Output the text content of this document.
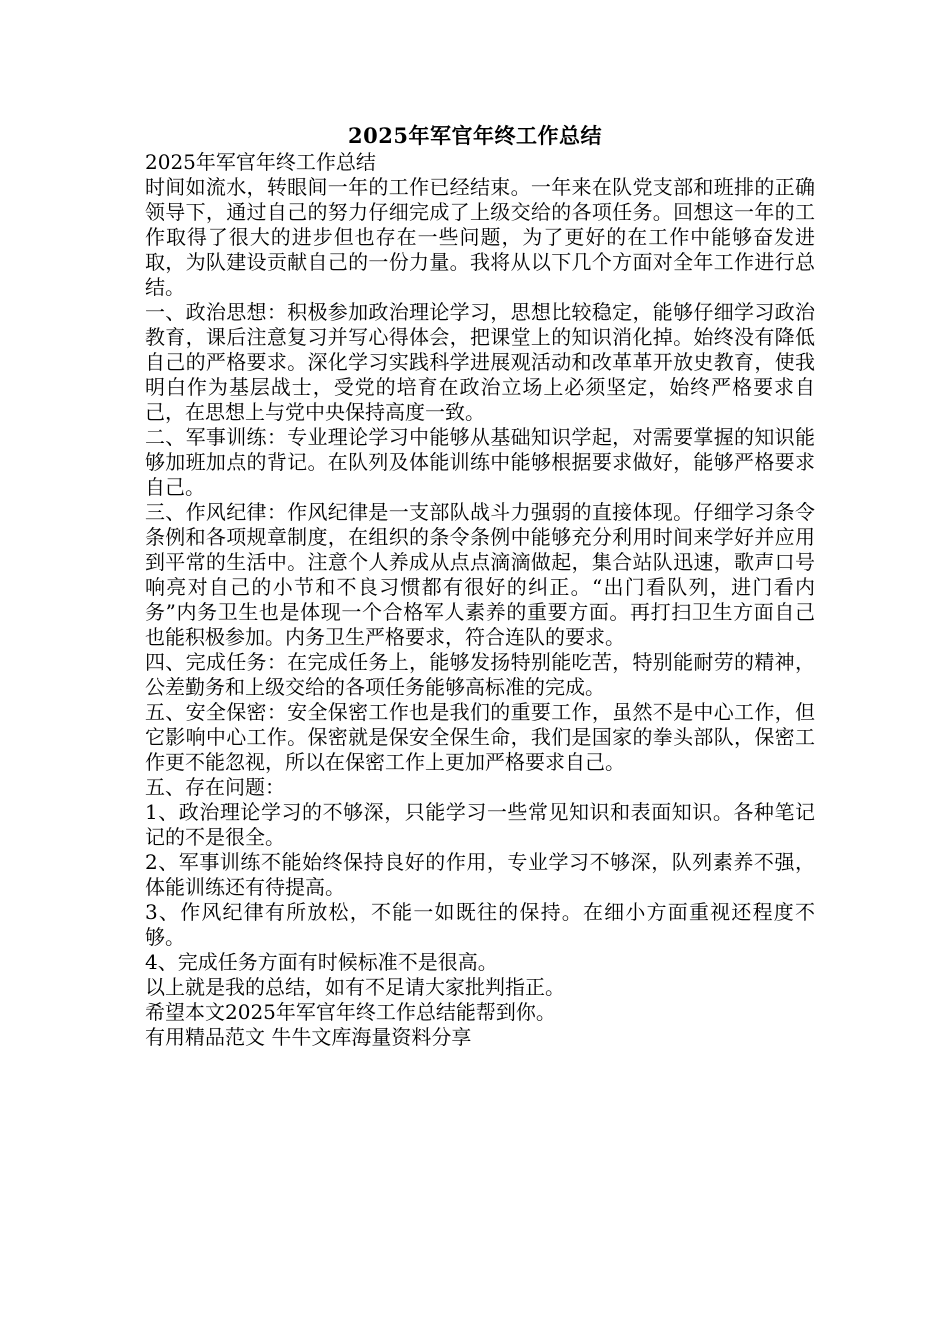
2025年军官年终工作总结

2025年军官年终工作总结

时间如流水，转眼间一年的工作已经结束。一年来在队党支部和班排的正确领导下，通过自己的努力仔细完成了上级交给的各项任务。回想这一年的工作取得了很大的进步但也存在一些问题，为了更好的在工作中能够奋发进取，为队建设贡献自己的一份力量。我将从以下几个方面对全年工作进行总结。

一、政治思想：积极参加政治理论学习，思想比较稳定，能够仔细学习政治教育，课后注意复习并写心得体会，把课堂上的知识消化掉。始终没有降低自己的严格要求。深化学习实践科学进展观活动和改革革开放史教育，使我明白作为基层战士，受党的培育在政治立场上必须坚定，始终严格要求自己，在思想上与党中央保持高度一致。

二、军事训练：专业理论学习中能够从基础知识学起，对需要掌握的知识能够加班加点的背记。在队列及体能训练中能够根据要求做好，能够严格要求自己。

三、作风纪律：作风纪律是一支部队战斗力强弱的直接体现。仔细学习条令条例和各项规章制度，在组织的条令条例中能够充分利用时间来学好并应用到平常的生活中。注意个人养成从点点滴滴做起，集合站队迅速，歌声口号响亮对自己的小节和不良习惯都有很好的纠正。“出门看队列，进门看内务”内务卫生也是体现一个合格军人素养的重要方面。再打扫卫生方面自己也能积极参加。内务卫生严格要求，符合连队的要求。

四、完成任务：在完成任务上，能够发扬特别能吃苦，特别能耐劳的精神，公差勤务和上级交给的各项任务能够高标准的完成。

五、安全保密：安全保密工作也是我们的重要工作，虽然不是中心工作，但它影响中心工作。保密就是保安全保生命，我们是国家的拳头部队，保密工作更不能忽视，所以在保密工作上更加严格要求自己。

五、存在问题：

1、政治理论学习的不够深，只能学习一些常见知识和表面知识。各种笔记记的不是很全。

2、军事训练不能始终保持良好的作用，专业学习不够深，队列素养不强，体能训练还有待提高。

3、作风纪律有所放松，不能一如既往的保持。在细小方面重视还程度不够。

4、完成任务方面有时候标准不是很高。

以上就是我的总结，如有不足请大家批判指正。

希望本文2025年军官年终工作总结能帮到你。

有用精品范文 牛牛文库海量资料分享
